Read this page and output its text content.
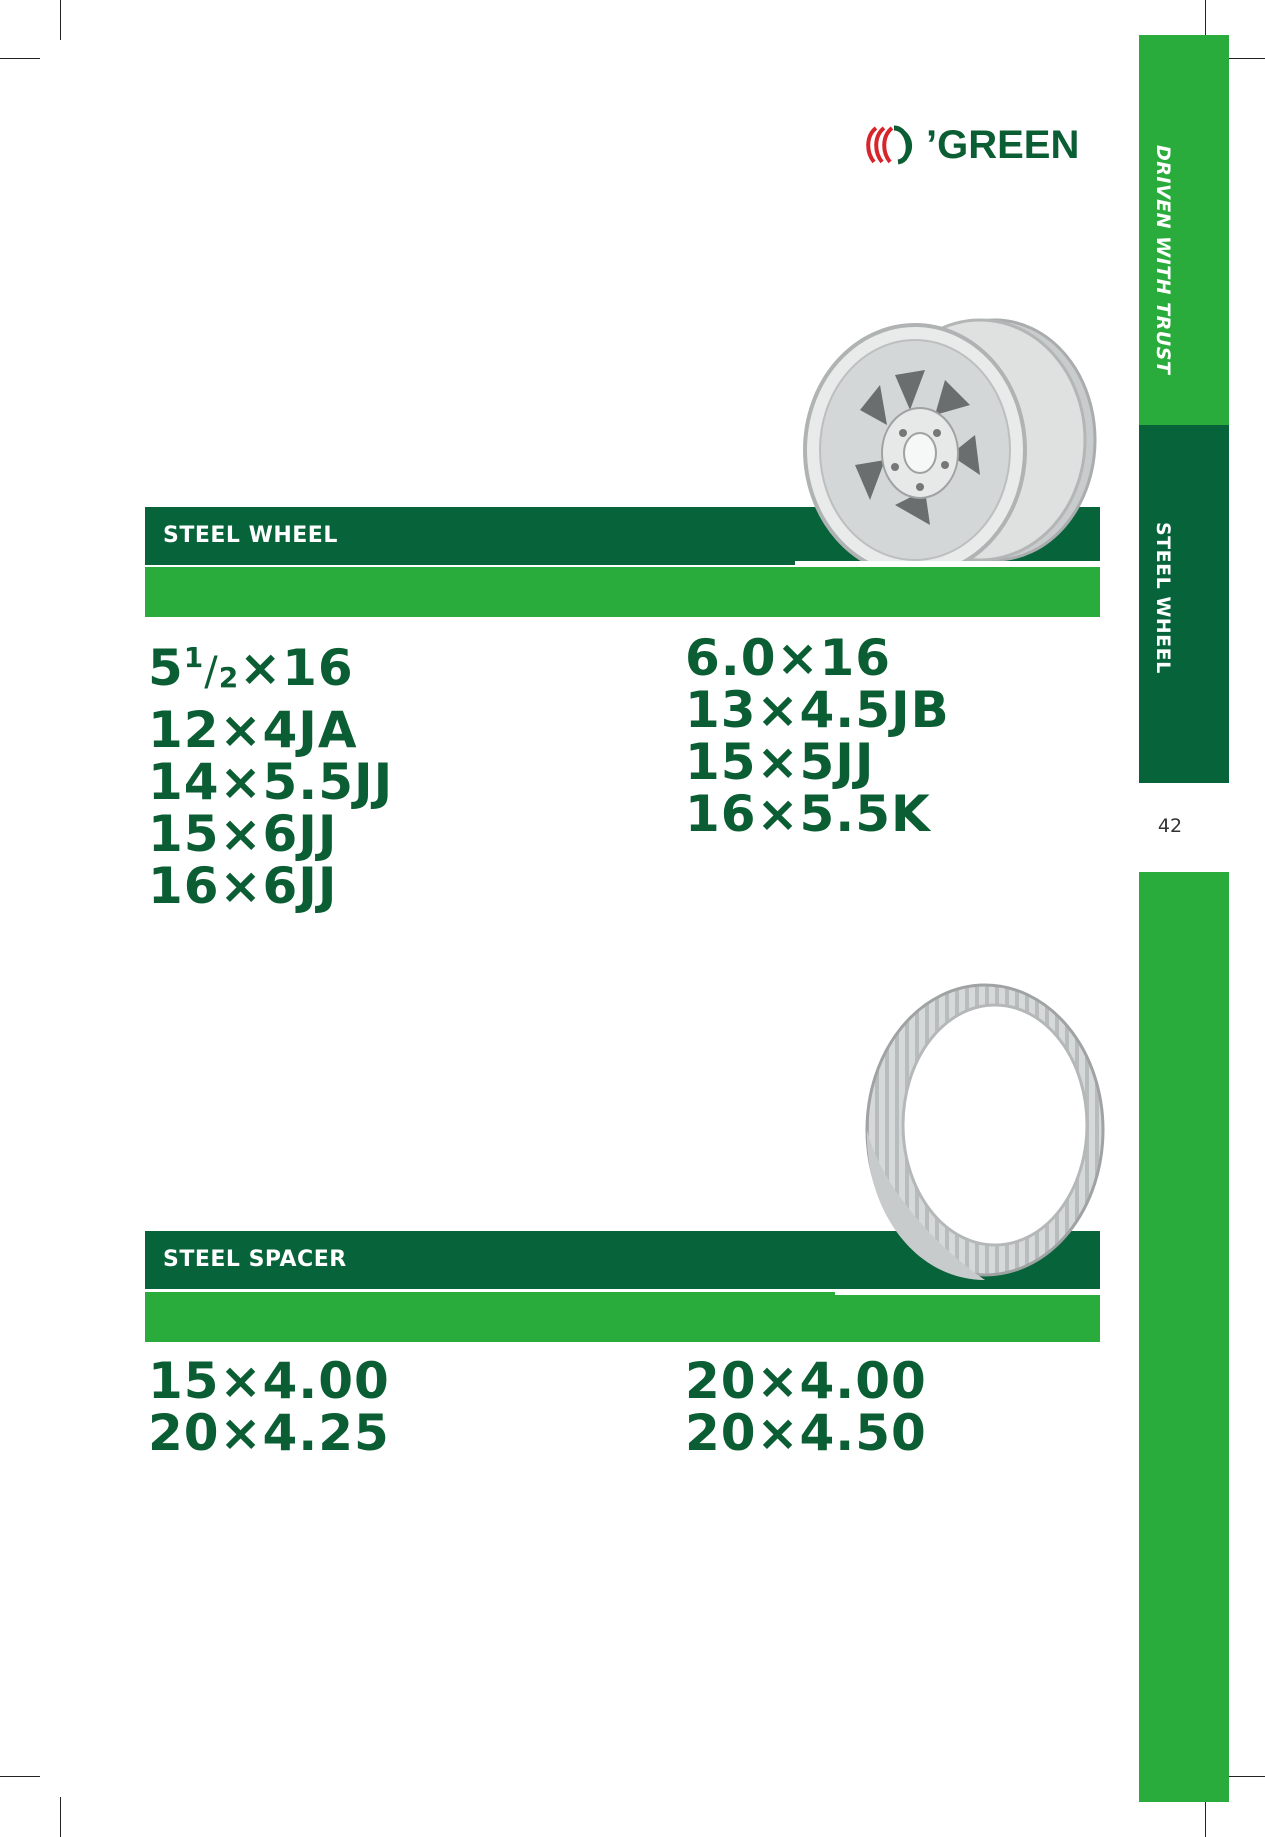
DRIVEN WITH TRUST
STEEL WHEEL
42
’GREEN
STEEL WHEEL
$5^1/_2\times 16$
12×4JA
14×5.5JJ
15×6JJ
16×6JJ
6.0×16
13×4.5JB
15×5JJ
16×5.5K
STEEL SPACER
15×4.00
20×4.25
20×4.00
20×4.50
